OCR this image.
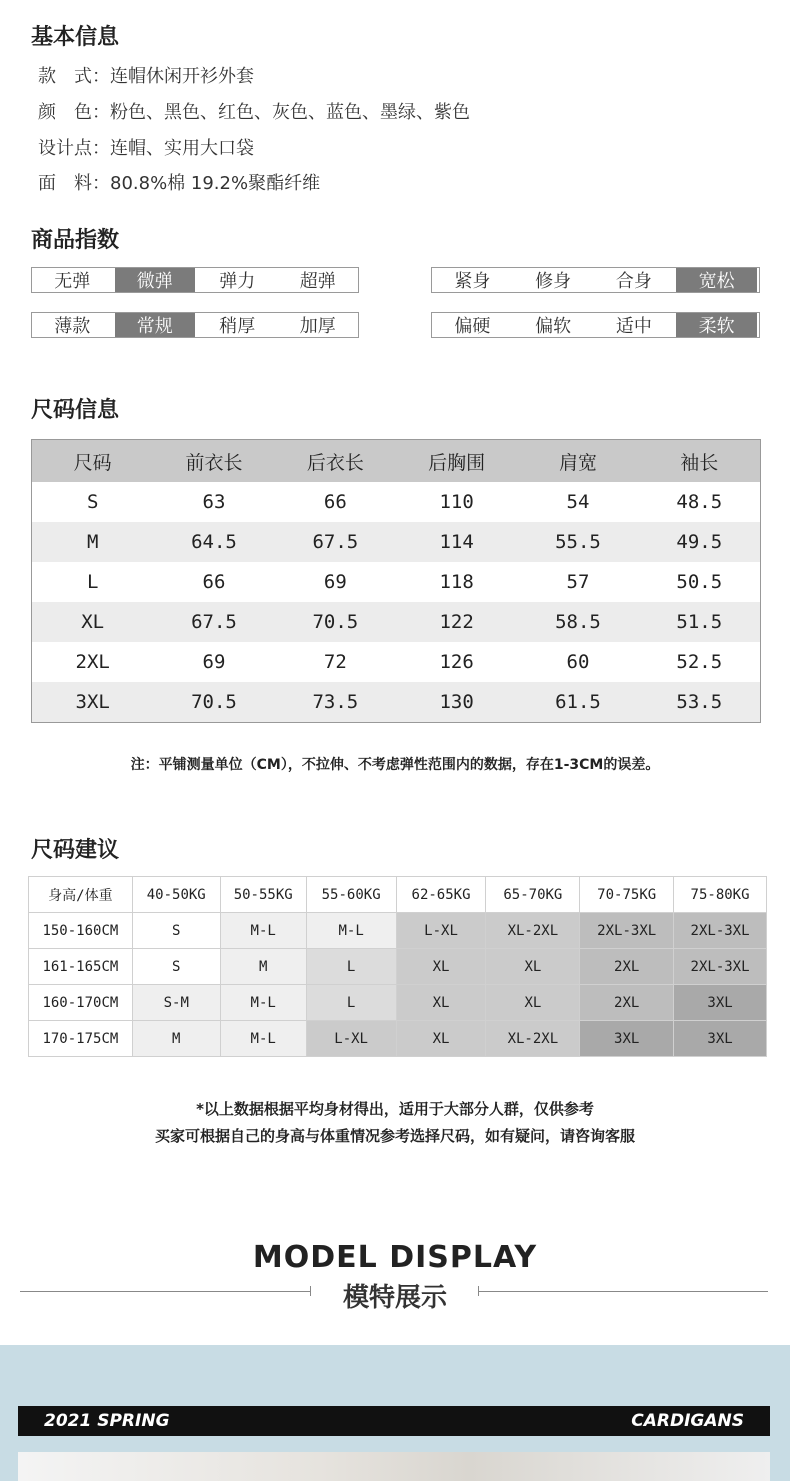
基本信息
款　式：连帽休闲开衫外套
颜　色：粉色、黑色、红色、灰色、蓝色、墨绿、紫色
设计点：连帽、实用大口袋
面　料：80.8%棉 19.2%聚酯纤维
商品指数
无弹	微弹	弹力	超弹	紧身	修身	合身	宽松
薄款	常规	稍厚	加厚	偏硬	偏软	适中	柔软
尺码信息
尺码	前衣长	后衣长	后胸围	肩宽	袖长
S	63	66	110	54	48.5
M	64.5	67.5	114	55.5	49.5
L	66	69	118	57	50.5
XL	67.5	70.5	122	58.5	51.5
2XL	69	72	126	60	52.5
3XL	70.5	73.5	130	61.5	53.5
注：平铺测量单位（CM），不拉伸、不考虑弹性范围内的数据，存在1-3CM的误差。
尺码建议
身高/体重	40-50KG	50-55KG	55-60KG	62-65KG	65-70KG	70-75KG	75-80KG
150-160CM	S	M-L	M-L	L-XL	XL-2XL	2XL-3XL	2XL-3XL
161-165CM	S	M	L	XL	XL	2XL	2XL-3XL
160-170CM	S-M	M-L	L	XL	XL	2XL	3XL
170-175CM	M	M-L	L-XL	XL	XL-2XL	3XL	3XL
*以上数据根据平均身材得出，适用于大部分人群，仅供参考
买家可根据自己的身高与体重情况参考选择尺码，如有疑问，请咨询客服
MODEL DISPLAY
模特展示
2021 SPRING	CARDIGANS
